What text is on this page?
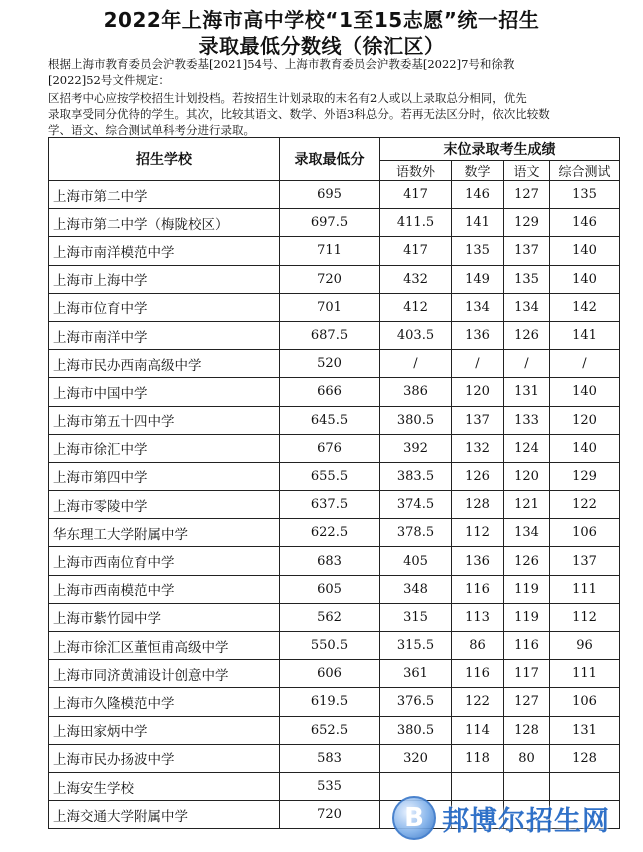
2022年上海市高中学校“1至15志愿”统一招生
录取最低分数线（徐汇区）

根据上海市教育委员会沪教委基[2021]54号、上海市教育委员会沪教委基[2022]7号和徐教
[2022]52号文件规定：

区招考中心应按学校招生计划投档。若按招生计划录取的末名有2人或以上录取总分相同，优先
录取享受同分优待的学生。其次，比较其语文、数学、外语3科总分。若再无法区分时，依次比较数
学、语文、综合测试单科考分进行录取。

招生学校	录取最低分	末位录取考生成绩			
		语数外	数学	语文	综合测试
上海市第二中学	695	417	146	127	135
上海市第二中学（梅陇校区）	697.5	411.5	141	129	146
上海市南洋模范中学	711	417	135	137	140
上海市上海中学	720	432	149	135	140
上海市位育中学	701	412	134	134	142
上海市南洋中学	687.5	403.5	136	126	141
上海市民办西南高级中学	520	/	/	/	/
上海市中国中学	666	386	120	131	140
上海市第五十四中学	645.5	380.5	137	133	120
上海市徐汇中学	676	392	132	124	140
上海市第四中学	655.5	383.5	126	120	129
上海市零陵中学	637.5	374.5	128	121	122
华东理工大学附属中学	622.5	378.5	112	134	106
上海市西南位育中学	683	405	136	126	137
上海市西南模范中学	605	348	116	119	111
上海市紫竹园中学	562	315	113	119	112
上海市徐汇区董恒甫高级中学	550.5	315.5	86	116	96
上海市同济黄浦设计创意中学	606	361	116	117	111
上海市久隆模范中学	619.5	376.5	122	127	106
上海田家炳中学	652.5	380.5	114	128	131
上海市民办扬波中学	583	320	118	80	128
上海安生学校	535				
上海交通大学附属中学	720					B 邦博尔招生网
